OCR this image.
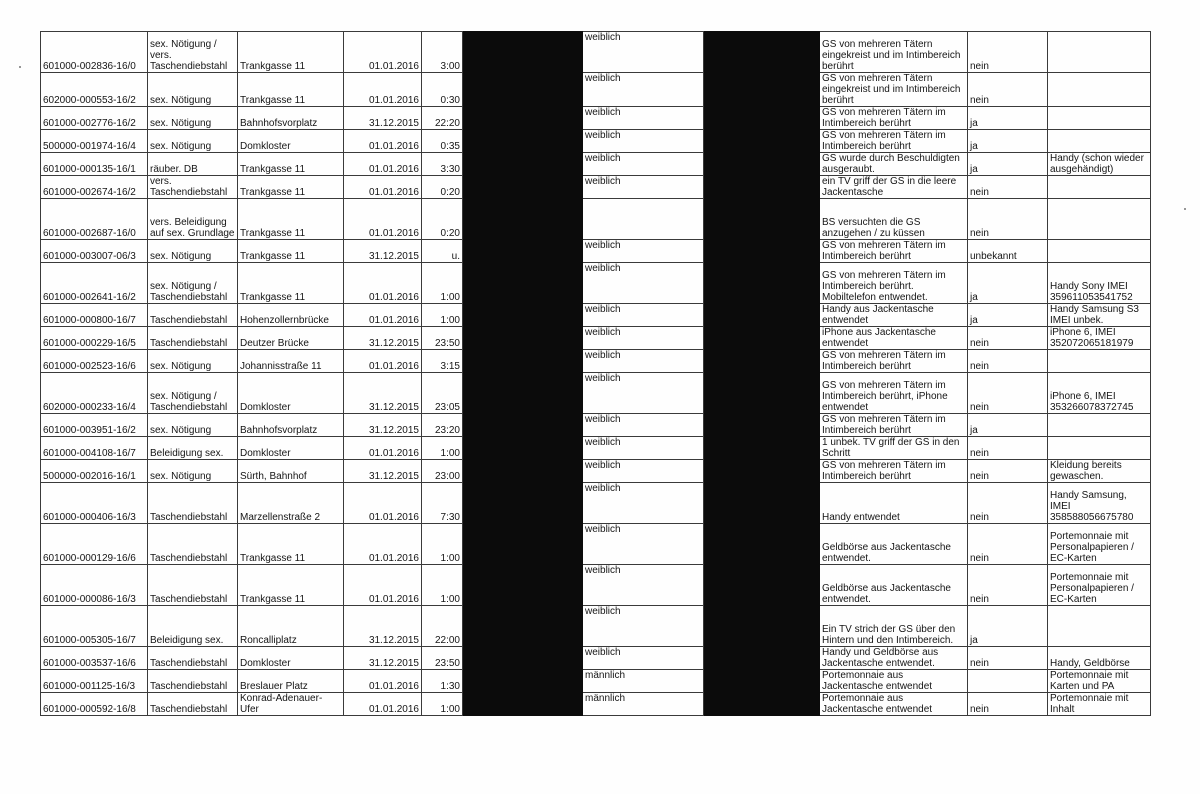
601000-002836-16/0	sex. Nötigung / vers. Taschendiebstahl	Trankgasse 11	01.01.2016	3:00		weiblich		GS von mehreren Tätern eingekreist und im Intimbereich berührt	nein	
602000-000553-16/2	sex. Nötigung	Trankgasse 11	01.01.2016	0:30		weiblich		GS von mehreren Tätern eingekreist und im Intimbereich berührt	nein	
601000-002776-16/2	sex. Nötigung	Bahnhofsvorplatz	31.12.2015	22:20		weiblich		GS von mehreren Tätern im Intimbereich berührt	ja	
500000-001974-16/4	sex. Nötigung	Domkloster	01.01.2016	0:35		weiblich		GS von mehreren Tätern im Intimbereich berührt	ja	
601000-000135-16/1	räuber. DB	Trankgasse 11	01.01.2016	3:30		weiblich		GS wurde durch Beschuldigten ausgeraubt.	ja	Handy (schon wieder ausgehändigt)
601000-002674-16/2	vers. Taschendiebstahl	Trankgasse 11	01.01.2016	0:20		weiblich		ein TV griff der GS in die leere Jackentasche	nein	
601000-002687-16/0	vers. Beleidigung auf sex. Grundlage	Trankgasse 11	01.01.2016	0:20				BS versuchten die GS anzugehen / zu küssen	nein	
601000-003007-06/3	sex. Nötigung	Trankgasse 11	31.12.2015	u.		weiblich		GS von mehreren Tätern im Intimbereich berührt	unbekannt	
601000-002641-16/2	sex. Nötigung / Taschendiebstahl	Trankgasse 11	01.01.2016	1:00		weiblich		GS von mehreren Tätern im Intimbereich berührt. Mobiltelefon entwendet.	ja	Handy Sony IMEI 359611053541752
601000-000800-16/7	Taschendiebstahl	Hohenzollernbrücke	01.01.2016	1:00		weiblich		Handy aus Jackentasche entwendet	ja	Handy Samsung S3 IMEI unbek.
601000-000229-16/5	Taschendiebstahl	Deutzer Brücke	31.12.2015	23:50		weiblich		iPhone aus Jackentasche entwendet	nein	iPhone 6, IMEI 352072065181979
601000-002523-16/6	sex. Nötigung	Johannisstraße 11	01.01.2016	3:15		weiblich		GS von mehreren Tätern im Intimbereich berührt	nein	
602000-000233-16/4	sex. Nötigung / Taschendiebstahl	Domkloster	31.12.2015	23:05		weiblich		GS von mehreren Tätern im Intimbereich berührt, iPhone entwendet	nein	iPhone 6, IMEI 353266078372745
601000-003951-16/2	sex. Nötigung	Bahnhofsvorplatz	31.12.2015	23:20		weiblich		GS von mehreren Tätern im Intimbereich berührt	ja	
601000-004108-16/7	Beleidigung sex.	Domkloster	01.01.2016	1:00		weiblich		1 unbek. TV griff der GS in den Schritt	nein	
500000-002016-16/1	sex. Nötigung	Sürth, Bahnhof	31.12.2015	23:00		weiblich		GS von mehreren Tätern im Intimbereich berührt	nein	Kleidung bereits gewaschen.
601000-000406-16/3	Taschendiebstahl	Marzellenstraße 2	01.01.2016	7:30		weiblich		Handy entwendet	nein	Handy Samsung, IMEI 358588056675780
601000-000129-16/6	Taschendiebstahl	Trankgasse 11	01.01.2016	1:00		weiblich		Geldbörse aus Jackentasche entwendet.	nein	Portemonnaie mit Personalpapieren / EC-Karten
601000-000086-16/3	Taschendiebstahl	Trankgasse 11	01.01.2016	1:00		weiblich		Geldbörse aus Jackentasche entwendet.	nein	Portemonnaie mit Personalpapieren / EC-Karten
601000-005305-16/7	Beleidigung sex.	Roncalliplatz	31.12.2015	22:00		weiblich		Ein TV strich der GS über den Hintern und den Intimbereich.	ja	
601000-003537-16/6	Taschendiebstahl	Domkloster	31.12.2015	23:50		weiblich		Handy und Geldbörse aus Jackentasche entwendet.	nein	Handy, Geldbörse
601000-001125-16/3	Taschendiebstahl	Breslauer Platz	01.01.2016	1:30		männlich		Portemonnaie aus Jackentasche entwendet		Portemonnaie mit Karten und PA
601000-000592-16/8	Taschendiebstahl	Konrad-Adenauer-Ufer	01.01.2016	1:00		männlich		Portemonnaie aus Jackentasche entwendet	nein	Portemonnaie mit Inhalt
